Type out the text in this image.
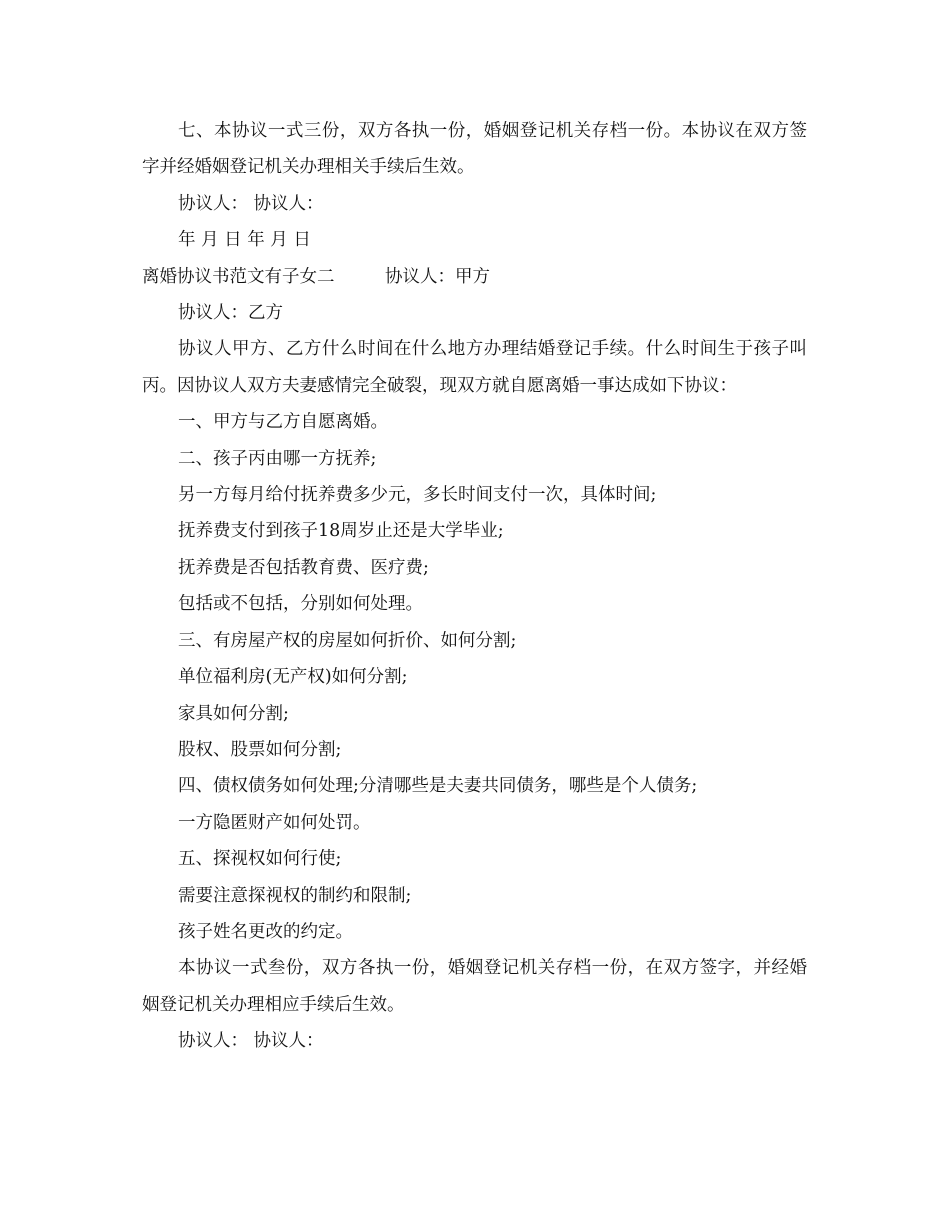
七、本协议一式三份，双方各执一份，婚姻登记机关存档一份。本协议在双方签字并经婚姻登记机关办理相关手续后生效。

协议人： 协议人：

年 月 日 年 月 日

离婚协议书范文有子女二	协议人：甲方

协议人：乙方

协议人甲方、乙方什么时间在什么地方办理结婚登记手续。什么时间生于孩子叫丙。因协议人双方夫妻感情完全破裂，现双方就自愿离婚一事达成如下协议：

一、甲方与乙方自愿离婚。

二、孩子丙由哪一方抚养;

另一方每月给付抚养费多少元，多长时间支付一次，具体时间;

抚养费支付到孩子18周岁止还是大学毕业;

抚养费是否包括教育费、医疗费;

包括或不包括，分别如何处理。

三、有房屋产权的房屋如何折价、如何分割;

单位福利房(无产权)如何分割;

家具如何分割;

股权、股票如何分割;

四、债权债务如何处理;分清哪些是夫妻共同债务，哪些是个人债务;

一方隐匿财产如何处罚。

五、探视权如何行使;

需要注意探视权的制约和限制;

孩子姓名更改的约定。

本协议一式叁份，双方各执一份，婚姻登记机关存档一份，在双方签字，并经婚姻登记机关办理相应手续后生效。

协议人： 协议人：
